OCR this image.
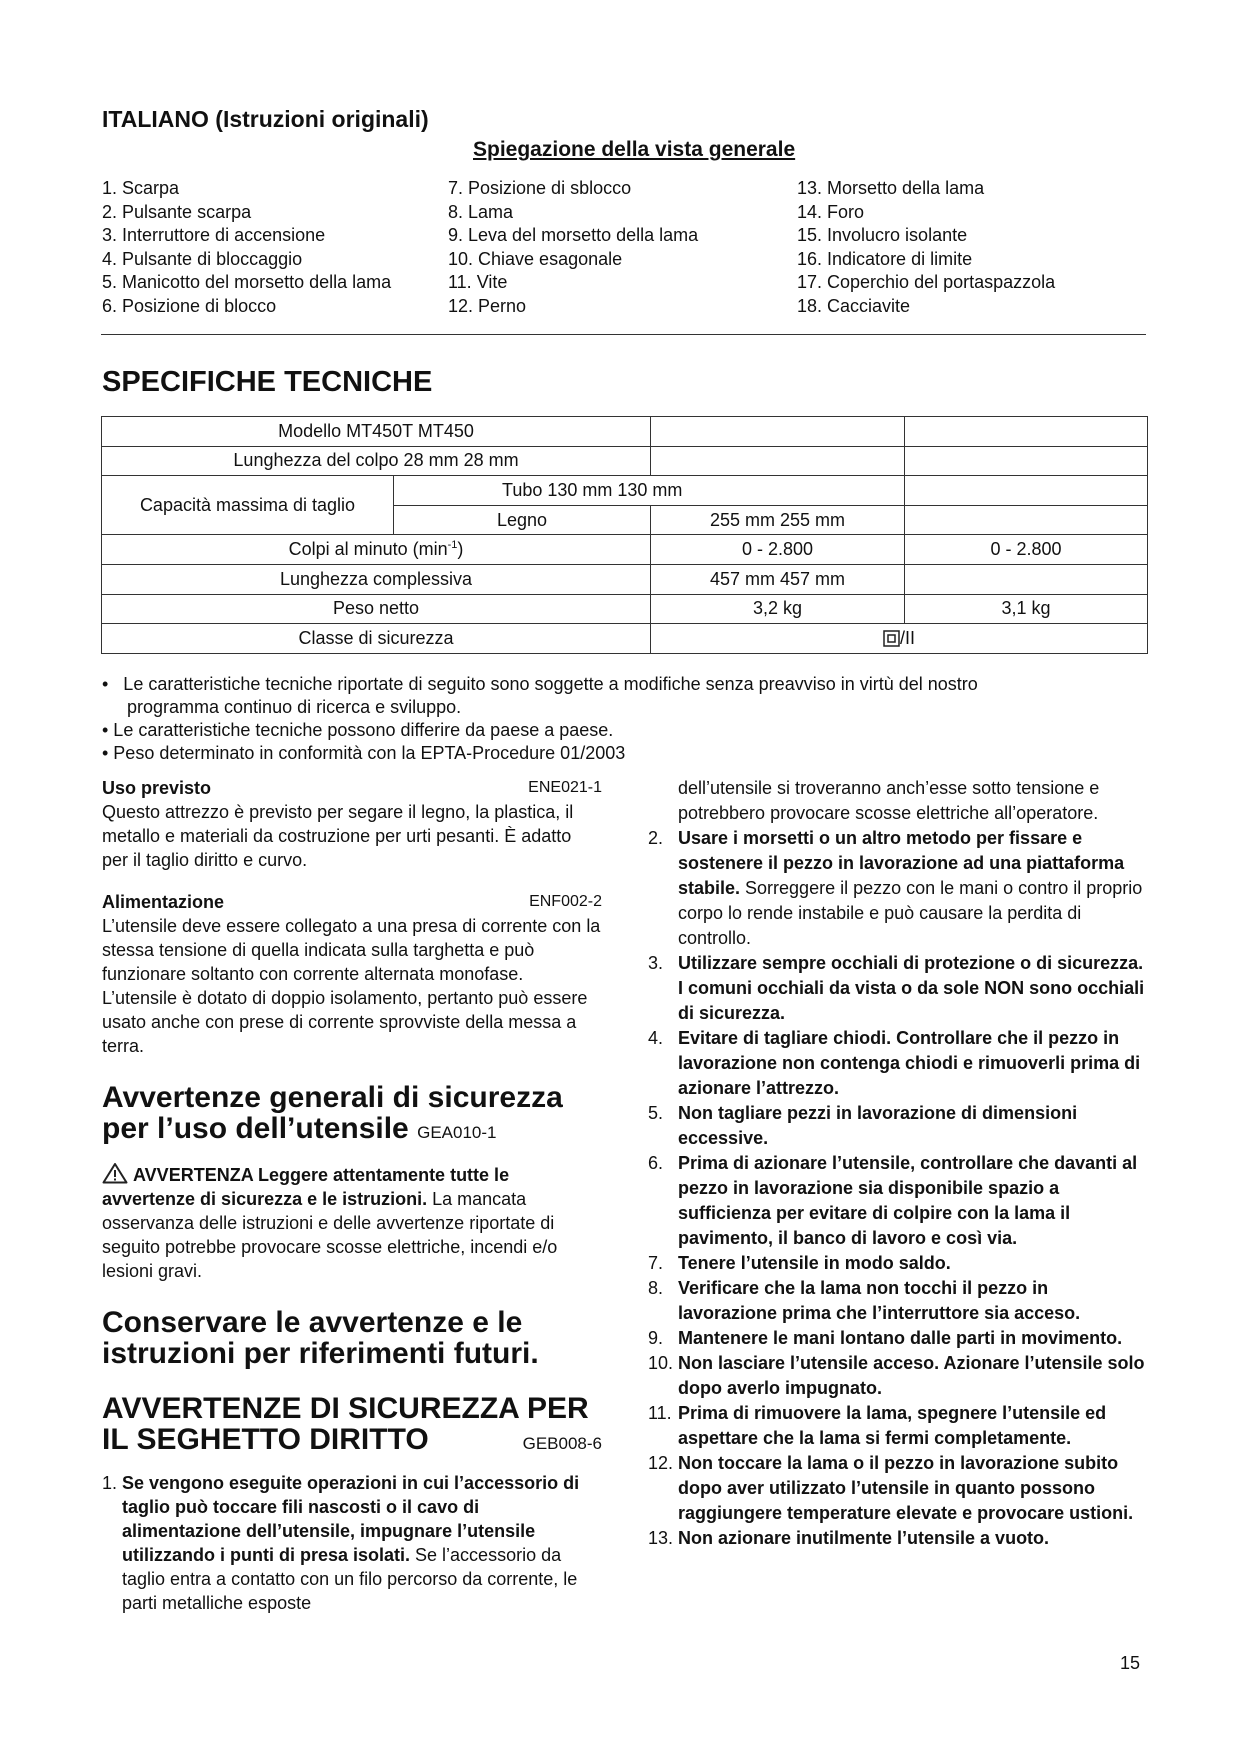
ITALIANO (Istruzioni originali)
Spiegazione della vista generale
1. Scarpa
2. Pulsante scarpa
3. Interruttore di accensione
4. Pulsante di bloccaggio
5. Manicotto del morsetto della lama
6. Posizione di blocco
7. Posizione di sblocco
8. Lama
9. Leva del morsetto della lama
10. Chiave esagonale
11. Vite
12. Perno
13. Morsetto della lama
14. Foro
15. Involucro isolante
16. Indicatore di limite
17. Coperchio del portaspazzola
18. Cacciavite
SPECIFICHE TECNICHE
Modello MT450T MT450			
Lunghezza del colpo 28 mm 28 mm			
Capacità massima di taglio	Tubo 130 mm 130 mm		
	Legno	255 mm 255 mm	
Colpi al minuto $(\min^{-1})$		0 - 2.800	0 - 2.800
Lunghezza complessiva		457 mm 457 mm	
Peso netto		3,2 kg	3,1 kg
Classe di sicurezza		/II	
•   Le caratteristiche tecniche riportate di seguito sono soggette a modifiche senza preavviso in virtù del nostro
programma continuo di ricerca e sviluppo.
• Le caratteristiche tecniche possono differire da paese a paese.
• Peso determinato in conformità con la EPTA-Procedure 01/2003
Uso previsto	ENE021-1
Questo attrezzo è previsto per segare il legno, la plastica, il metallo e materiali da costruzione per urti pesanti. È adatto per il taglio diritto e curvo.
Alimentazione	ENF002-2
L’utensile deve essere collegato a una presa di corrente con la stessa tensione di quella indicata sulla targhetta e può funzionare soltanto con corrente alternata monofase. L’utensile è dotato di doppio isolamento, pertanto può essere usato anche con prese di corrente sprovviste della messa a terra.
Avvertenze generali di sicurezza
per l’uso dell’utensile GEA010-1
AVVERTENZA Leggere attentamente tutte le avvertenze di sicurezza e le istruzioni. La mancata osservanza delle istruzioni e delle avvertenze riportate di seguito potrebbe provocare scosse elettriche, incendi e/o lesioni gravi.
Conservare le avvertenze e le istruzioni per riferimenti futuri.
AVVERTENZE DI SICUREZZA PER
IL SEGHETTO DIRITTO	GEB008-6
1. Se vengono eseguite operazioni in cui l’accessorio di taglio può toccare fili nascosti o il cavo di alimentazione dell’utensile, impugnare l’utensile utilizzando i punti di presa isolati. Se l’accessorio da taglio entra a contatto con un filo percorso da corrente, le parti metalliche esposte
dell’utensile si troveranno anch’esse sotto tensione e potrebbero provocare scosse elettriche all’operatore.
2. Usare i morsetti o un altro metodo per fissare e sostenere il pezzo in lavorazione ad una piattaforma stabile. Sorreggere il pezzo con le mani o contro il proprio corpo lo rende instabile e può causare la perdita di controllo.
3. Utilizzare sempre occhiali di protezione o di sicurezza. I comuni occhiali da vista o da sole NON sono occhiali di sicurezza.
4. Evitare di tagliare chiodi. Controllare che il pezzo in lavorazione non contenga chiodi e rimuoverli prima di azionare l’attrezzo.
5. Non tagliare pezzi in lavorazione di dimensioni eccessive.
6. Prima di azionare l’utensile, controllare che davanti al pezzo in lavorazione sia disponibile spazio a sufficienza per evitare di colpire con la lama il pavimento, il banco di lavoro e così via.
7. Tenere l’utensile in modo saldo.
8. Verificare che la lama non tocchi il pezzo in lavorazione prima che l’interruttore sia acceso.
9. Mantenere le mani lontano dalle parti in movimento.
10. Non lasciare l’utensile acceso. Azionare l’utensile solo dopo averlo impugnato.
11. Prima di rimuovere la lama, spegnere l’utensile ed aspettare che la lama si fermi completamente.
12. Non toccare la lama o il pezzo in lavorazione subito dopo aver utilizzato l’utensile in quanto possono raggiungere temperature elevate e provocare ustioni.
13. Non azionare inutilmente l’utensile a vuoto.
15
